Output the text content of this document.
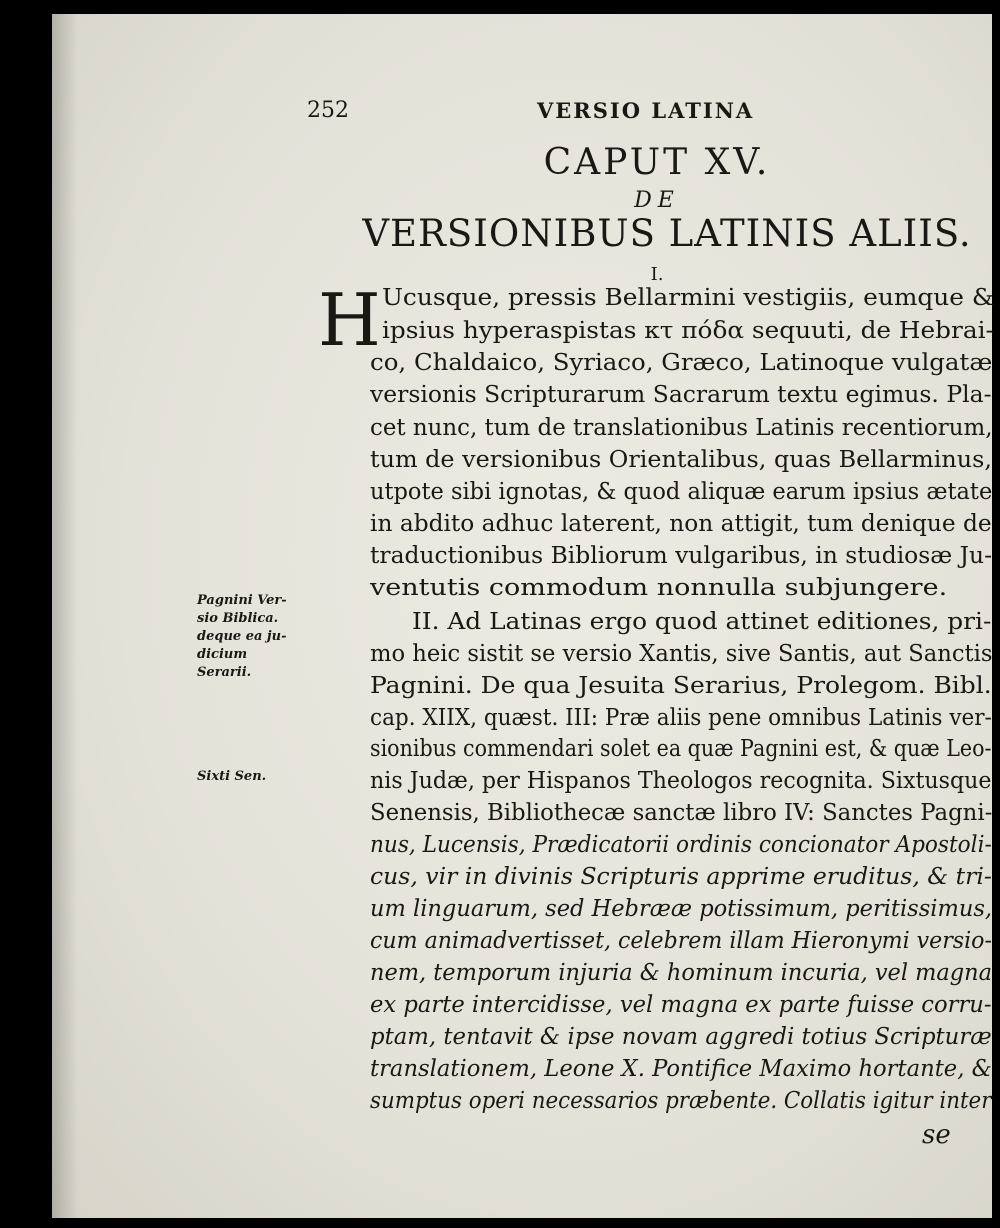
252	VERSIO LATINA
CAPUT XV.
DE
VERSIONIBUS LATINIS ALIIS.
I.
H Ucusque, pressis Bellarmini vestigiis, eumque &
ipsius hyperaspistas κτ πόδα sequuti, de Hebrai-
co, Chaldaico, Syriaco, Græco, Latinoque vulgatæ
versionis Scripturarum Sacrarum textu egimus. Pla-
cet nunc, tum de translationibus Latinis recentiorum,
tum de versionibus Orientalibus, quas Bellarminus,
utpote sibi ignotas, & quod aliquæ earum ipsius ætate
in abdito adhuc laterent, non attigit, tum denique de
traductionibus Bibliorum vulgaribus, in studiosæ Ju-
ventutis commodum nonnulla subjungere.
II. Ad Latinas ergo quod attinet editiones, pri-
mo heic sistit se versio Xantis, sive Santis, aut Sanctis
Pagnini. De qua Jesuita Serarius, Prolegom. Bibl.
cap. XIIX, quæst. III: Præ aliis pene omnibus Latinis ver-
sionibus commendari solet ea quæ Pagnini est, & quæ Leo-
nis Judæ, per Hispanos Theologos recognita. Sixtusque
Senensis, Bibliothecæ sanctæ libro IV: Sanctes Pagni-
nus, Lucensis, Prædicatorii ordinis concionator Apostoli-
cus, vir in divinis Scripturis apprime eruditus, & tri-
um linguarum, sed Hebrææ potissimum, peritissimus,
cum animadvertisset, celebrem illam Hieronymi versio-
nem, temporum injuria & hominum incuria, vel magna
ex parte intercidisse, vel magna ex parte fuisse corru-
ptam, tentavit & ipse novam aggredi totius Scripturæ
translationem, Leone X. Pontifice Maximo hortante, &
sumptus operi necessarios præbente. Collatis igitur inter
Pagnini Ver-
sio Biblica.
deque ea ju-
dicium
Serarii.
Sixti Sen.
se
